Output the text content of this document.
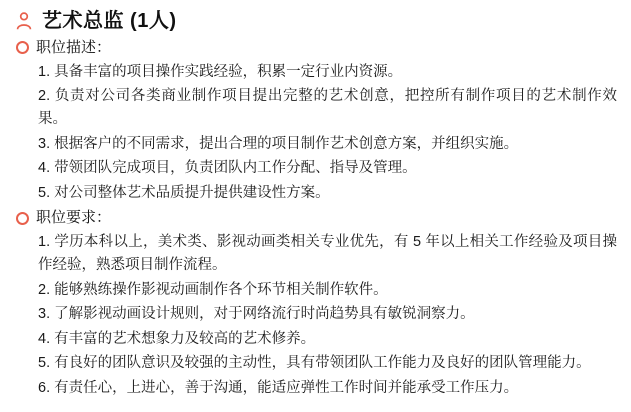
艺术总监 (1人)
职位描述：
1. 具备丰富的项目操作实践经验，积累一定行业内资源。
2. 负责对公司各类商业制作项目提出完整的艺术创意，把控所有制作项目的艺术制作效果。
3. 根据客户的不同需求，提出合理的项目制作艺术创意方案，并组织实施。
4. 带领团队完成项目，负责团队内工作分配、指导及管理。
5. 对公司整体艺术品质提升提供建设性方案。
职位要求：
1. 学历本科以上，美术类、影视动画类相关专业优先，有 5 年以上相关工作经验及项目操作经验，熟悉项目制作流程。
2. 能够熟练操作影视动画制作各个环节相关制作软件。
3. 了解影视动画设计规则，对于网络流行时尚趋势具有敏锐洞察力。
4. 有丰富的艺术想象力及较高的艺术修养。
5. 有良好的团队意识及较强的主动性，具有带领团队工作能力及良好的团队管理能力。
6. 有责任心，上进心，善于沟通，能适应弹性工作时间并能承受工作压力。
